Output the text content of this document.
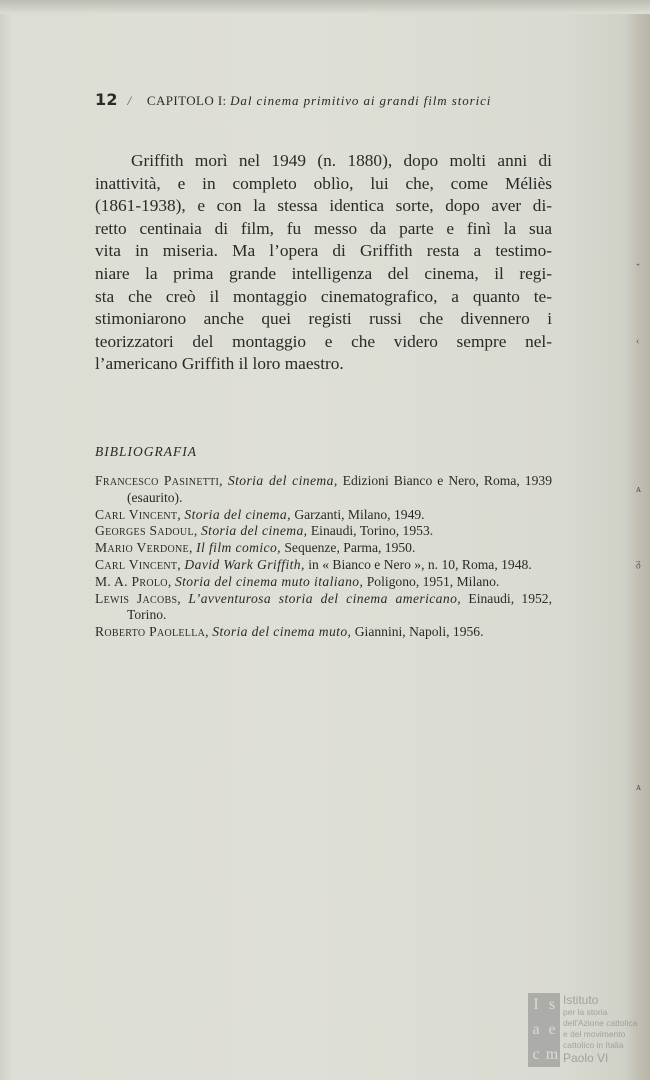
12 / CAPITOLO I: Dal cinema primitivo ai grandi film storici
Griffith morì nel 1949 (n. 1880), dopo molti anni di
inattività, e in completo oblìo, lui che, come Méliès
(1861-1938), e con la stessa identica sorte, dopo aver di-
retto centinaia di film, fu messo da parte e finì la sua
vita in miseria. Ma l’opera di Griffith resta a testimo-
niare la prima grande intelligenza del cinema, il regi-
sta che creò il montaggio cinematografico, a quanto te-
stimoniarono anche quei registi russi che divennero i
teorizzatori del montaggio e che videro sempre nel-
l’americano Griffith il loro maestro.
BIBLIOGRAFIA
Francesco Pasinetti, Storia del cinema, Edizioni Bianco e Nero, Roma, 1939 (esaurito).
Carl Vincent, Storia del cinema, Garzanti, Milano, 1949.
Georges Sadoul, Storia del cinema, Einaudi, Torino, 1953.
Mario Verdone, Il film comico, Sequenze, Parma, 1950.
Carl Vincent, David Wark Griffith, in « Bianco e Nero », n. 10, Roma, 1948.
M. A. Prolo, Storia del cinema muto italiano, Poligono, 1951, Milano.
Lewis Jacobs, L’avventurosa storia del cinema americano, Einaudi, 1952, Torino.
Roberto Paolella, Storia del cinema muto, Giannini, Napoli, 1956.
ᐩ
‹
ᴀ
ᵹ
ᴀ
I s
a e
c m
Istituto
per la storia
dell'Azione cattolica
e del movimento
cattolico in Italia
Paolo VI
